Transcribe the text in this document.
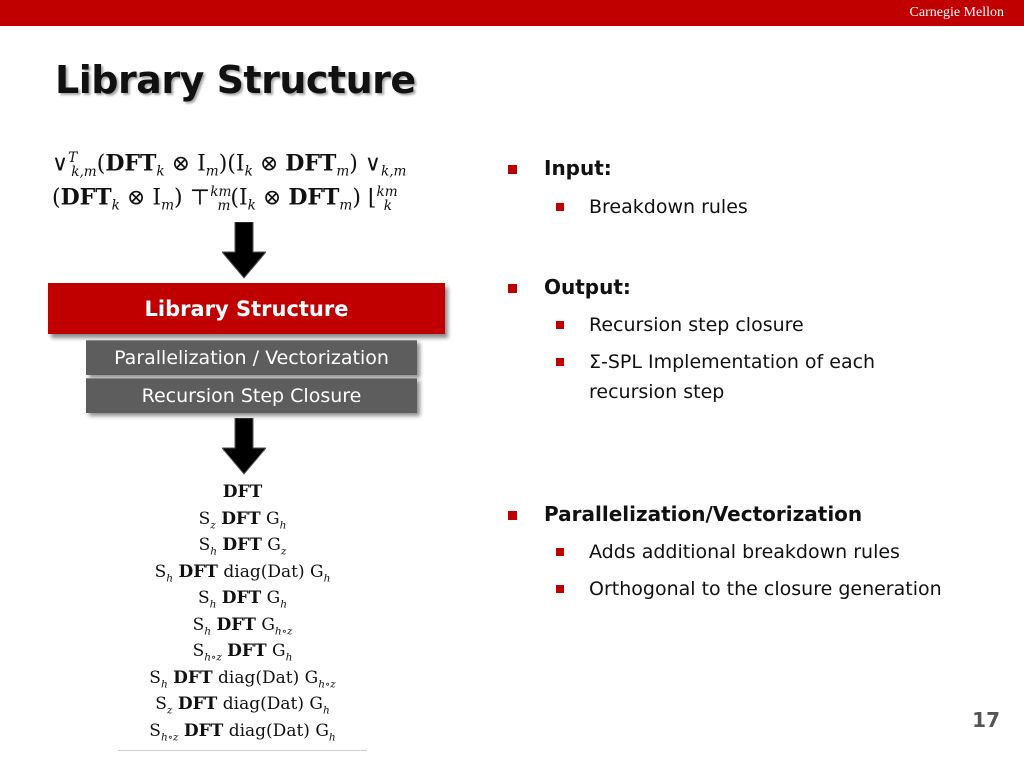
Carnegie Mellon
Library Structure
$\vee^T_{k,m}(DFT_k$ ⊗ $I_m)(I_k$ ⊗ $DFT_m$) $\vee_{k,m}$
($DFT_k$ ⊗ $I_m$) $⊤^{km}_m(I_k$ ⊗ $DFT_m$) ⌊$^{km}_k$
Library Structure
Parallelization / Vectorization
Recursion Step Closure
DFT
$S_z$ DFT $G_h$
$S_h$ DFT $G_z$
$S_h$ DFT diag(Dat) $G_h$
$S_h$ DFT $G_h$
$S_h$ DFT $G_{h\circ z}$
$S_{h\circ z}$ DFT $G_h$
$S_h$ DFT diag(Dat) $G_{h\circ z}$
$S_z$ DFT diag(Dat) $G_h$
$S_{h\circ z}$ DFT diag(Dat) $G_h$
Input:
Breakdown rules
Output:
Recursion step closure
Σ-SPL Implementation of each
recursion step
Parallelization/Vectorization
Adds additional breakdown rules
Orthogonal to the closure generation
17
